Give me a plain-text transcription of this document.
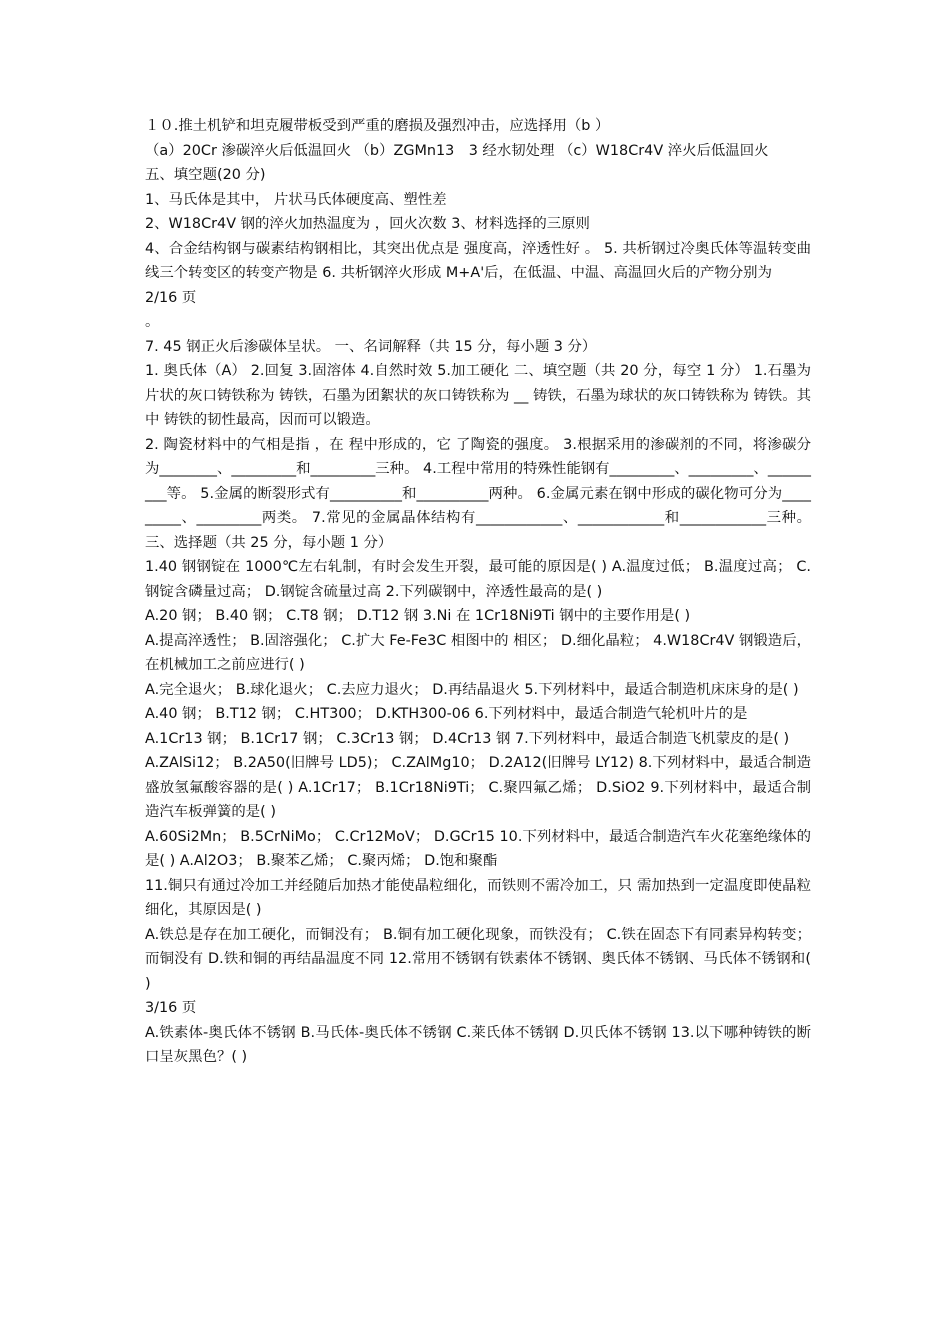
１０.推土机铲和坦克履带板受到严重的磨损及强烈冲击，应选择用（b ）

（a）20Cr 渗碳淬火后低温回火 （b）ZGMn13　3 经水韧处理 （c）W18Cr4V 淬火后低温回火

五、填空题(20 分)

1、马氏体是其中， 片状马氏体硬度高、塑性差

2、W18Cr4V 钢的淬火加热温度为 ，回火次数 3、材料选择的三原则

4、合金结构钢与碳素结构钢相比，其突出优点是 强度高，淬透性好 。 5. 共析钢过冷奥氏体等温转变曲线三个转变区的转变产物是 6. 共析钢淬火形成 M+A'后，在低温、中温、高温回火后的产物分别为

2/16 页

。

7. 45 钢正火后渗碳体呈状。 一、名词解释（共 15 分，每小题 3 分）

1. 奥氏体（A） 2.回复 3.固溶体 4.自然时效 5.加工硬化 二、填空题（共 20 分，每空 1 分） 1.石墨为片状的灰口铸铁称为 铸铁，石墨为团絮状的灰口铸铁称为 __ 铸铁，石墨为球状的灰口铸铁称为 铸铁。其中 铸铁的韧性最高，因而可以锻造。

2. 陶瓷材料中的气相是指 ，在 程中形成的，它 了陶瓷的强度。 3.根据采用的渗碳剂的不同，将渗碳分为________、_________和_________三种。 4.工程中常用的特殊性能钢有_________、_________、_________等。 5.金属的断裂形式有__________和__________两种。 6.金属元素在钢中形成的碳化物可分为_________、_________两类。 7.常见的金属晶体结构有____________、____________和____________三种。 三、选择题（共 25 分，每小题 1 分）

1.40 钢钢锭在 1000℃左右轧制，有时会发生开裂，最可能的原因是( ) A.温度过低； B.温度过高； C.钢锭含磷量过高； D.钢锭含硫量过高 2.下列碳钢中，淬透性最高的是( )

A.20 钢； B.40 钢； C.T8 钢； D.T12 钢 3.Ni 在 1Cr18Ni9Ti 钢中的主要作用是( )

A.提高淬透性； B.固溶强化； C.扩大 Fe-Fe3C 相图中的 相区； D.细化晶粒； 4.W18Cr4V 钢锻造后，在机械加工之前应进行( )

A.完全退火； B.球化退火； C.去应力退火； D.再结晶退火 5.下列材料中，最适合制造机床床身的是( )

A.40 钢； B.T12 钢； C.HT300； D.KTH300-06 6.下列材料中，最适合制造气轮机叶片的是

A.1Cr13 钢； B.1Cr17 钢； C.3Cr13 钢； D.4Cr13 钢 7.下列材料中，最适合制造飞机蒙皮的是( )

A.ZAlSi12； B.2A50(旧牌号 LD5)； C.ZAlMg10； D.2A12(旧牌号 LY12) 8.下列材料中，最适合制造盛放氢氟酸容器的是( ) A.1Cr17； B.1Cr18Ni9Ti； C.聚四氟乙烯； D.SiO2 9.下列材料中，最适合制造汽车板弹簧的是( )

A.60Si2Mn； B.5CrNiMo； C.Cr12MoV； D.GCr15 10.下列材料中，最适合制造汽车火花塞绝缘体的是( ) A.Al2O3； B.聚苯乙烯； C.聚丙烯； D.饱和聚酯

11.铜只有通过冷加工并经随后加热才能使晶粒细化，而铁则不需冷加工，只 需加热到一定温度即使晶粒细化，其原因是( )

A.铁总是存在加工硬化，而铜没有； B.铜有加工硬化现象，而铁没有； C.铁在固态下有同素异构转变；而铜没有 D.铁和铜的再结晶温度不同 12.常用不锈钢有铁素体不锈钢、奥氏体不锈钢、马氏体不锈钢和( )

3/16 页

A.铁素体-奥氏体不锈钢 B.马氏体-奥氏体不锈钢 C.莱氏体不锈钢 D.贝氏体不锈钢 13.以下哪种铸铁的断口呈灰黑色？( )
